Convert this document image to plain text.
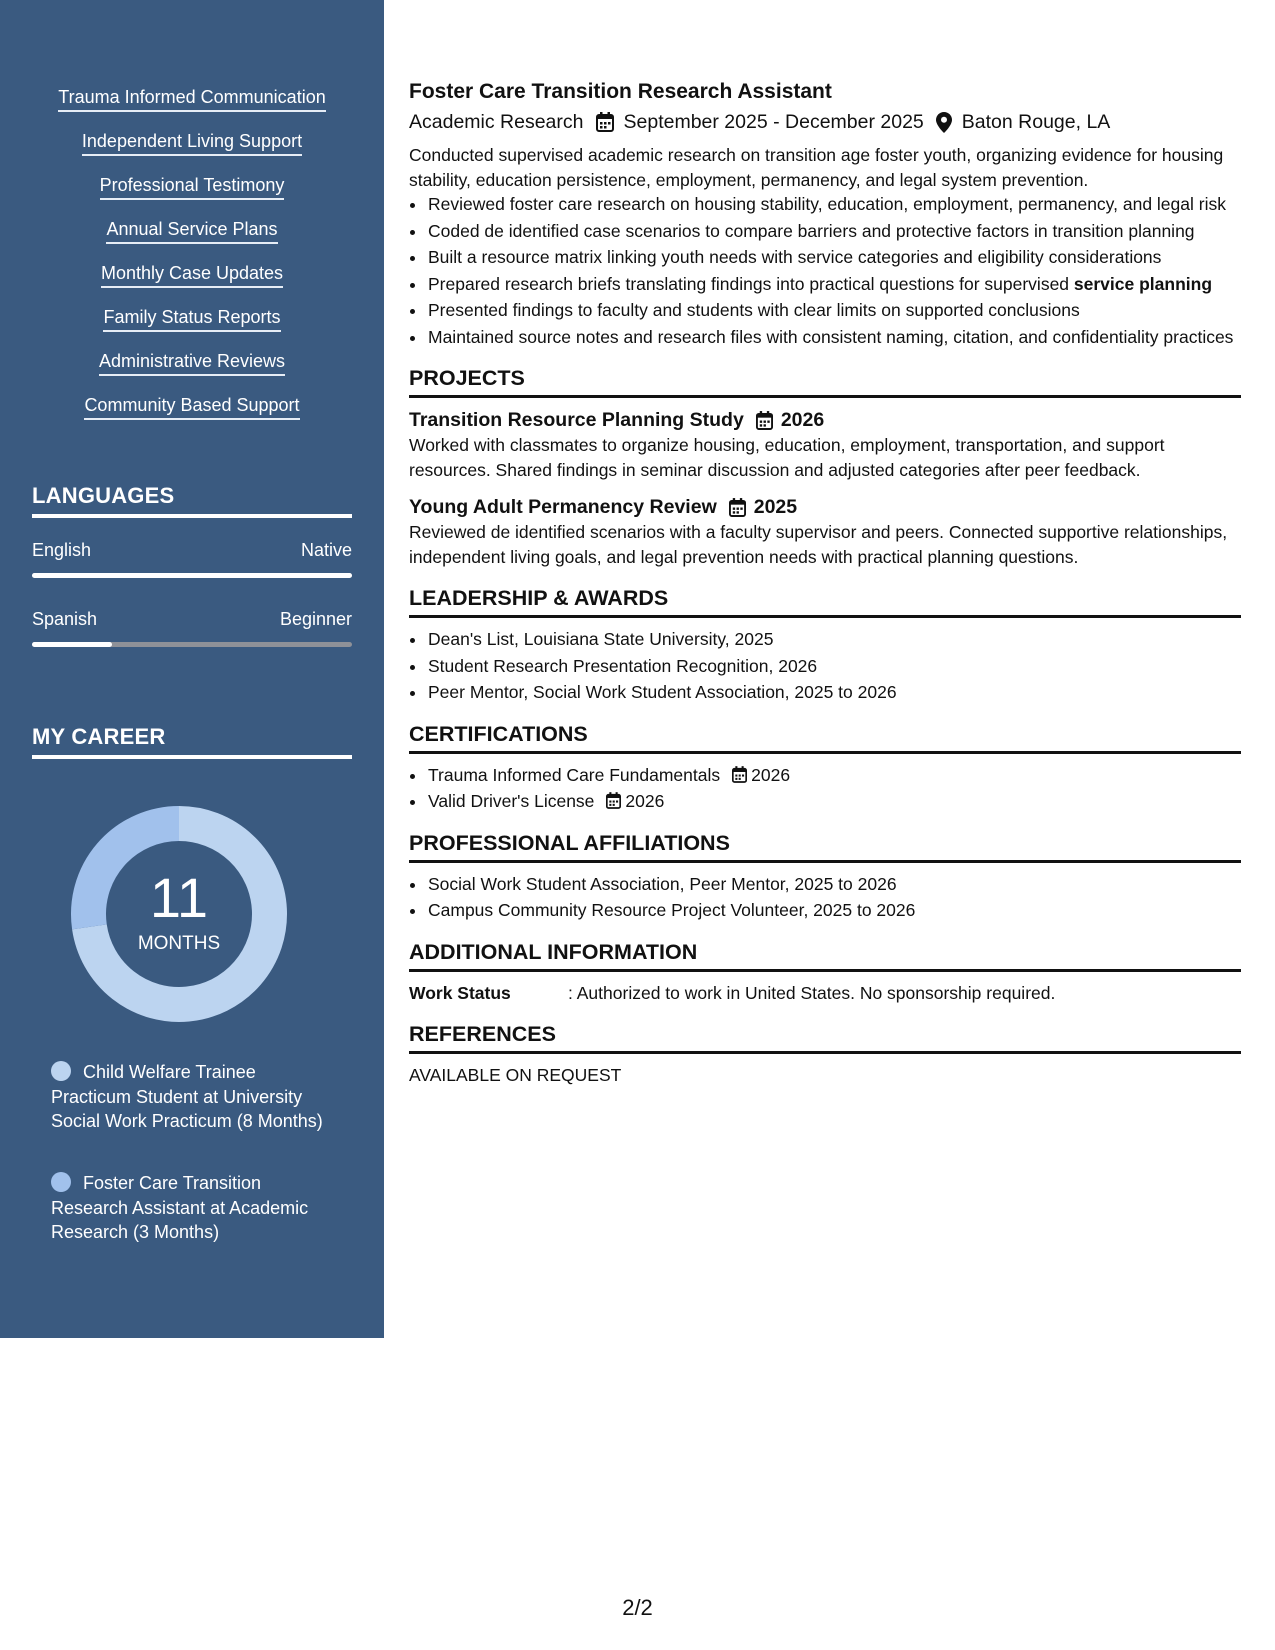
Trauma Informed Communication
Independent Living Support
Professional Testimony
Annual Service Plans
Monthly Case Updates
Family Status Reports
Administrative Reviews
Community Based Support
LANGUAGES
English	Native
Spanish	Beginner
MY CAREER
11
MONTHS
Child Welfare Trainee Practicum Student at University Social Work Practicum (8 Months)
Foster Care Transition Research Assistant at Academic Research (3 Months)
Foster Care Transition Research Assistant
Academic Research September 2025 - December 2025 Baton Rouge, LA
Conducted supervised academic research on transition age foster youth, organizing evidence for housing stability, education persistence, employment, permanency, and legal system prevention.
• Reviewed foster care research on housing stability, education, employment, permanency, and legal risk
• Coded de identified case scenarios to compare barriers and protective factors in transition planning
• Built a resource matrix linking youth needs with service categories and eligibility considerations
• Prepared research briefs translating findings into practical questions for supervised service planning
• Presented findings to faculty and students with clear limits on supported conclusions
• Maintained source notes and research files with consistent naming, citation, and confidentiality practices
PROJECTS
Transition Resource Planning Study 2026
Worked with classmates to organize housing, education, employment, transportation, and support resources. Shared findings in seminar discussion and adjusted categories after peer feedback.
Young Adult Permanency Review 2025
Reviewed de identified scenarios with a faculty supervisor and peers. Connected supportive relationships, independent living goals, and legal prevention needs with practical planning questions.
LEADERSHIP & AWARDS
• Dean's List, Louisiana State University, 2025
• Student Research Presentation Recognition, 2026
• Peer Mentor, Social Work Student Association, 2025 to 2026
CERTIFICATIONS
• Trauma Informed Care Fundamentals 2026
• Valid Driver's License 2026
PROFESSIONAL AFFILIATIONS
• Social Work Student Association, Peer Mentor, 2025 to 2026
• Campus Community Resource Project Volunteer, 2025 to 2026
ADDITIONAL INFORMATION
Work Status	: Authorized to work in United States. No sponsorship required.
REFERENCES
AVAILABLE ON REQUEST
2/2
